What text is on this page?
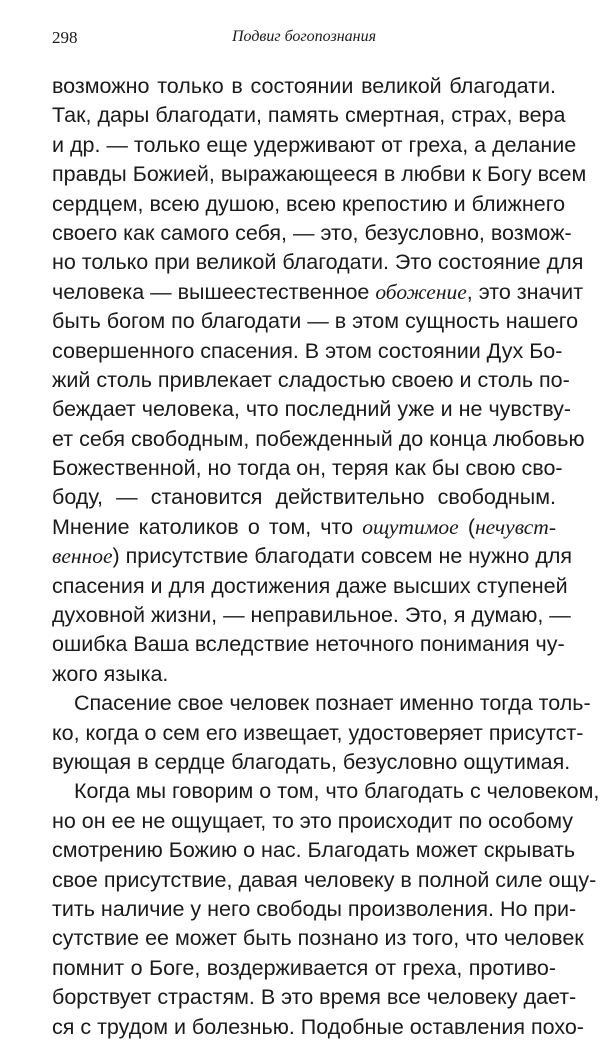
298	Подвиг богопознания
возможно только в состоянии великой благодати.
Так, дары благодати, память смертная, страх, вера
и др. — только еще удерживают от греха, а делание
правды Божией, выражающееся в любви к Богу всем
сердцем, всею душою, всею крепостию и ближнего
своего как самого себя, — это, безусловно, возмож-
но только при великой благодати. Это состояние для
человека — вышеестественное обожение, это значит
быть богом по благодати — в этом сущность нашего
совершенного спасения. В этом состоянии Дух Бо-
жий столь привлекает сладостью своею и столь по-
беждает человека, что последний уже и не чувству-
ет себя свободным, побежденный до конца любовью
Божественной, но тогда он, теряя как бы свою сво-
боду, — становится действительно свободным.
Мнение католиков о том, что ощутимое (нечувст-
венное) присутствие благодати совсем не нужно для
спасения и для достижения даже высших ступеней
духовной жизни, — неправильное. Это, я думаю, —
ошибка Ваша вследствие неточного понимания чу-
жого языка.
Спасение свое человек познает именно тогда толь-
ко, когда о сем его извещает, удостоверяет присутст-
вующая в сердце благодать, безусловно ощутимая.
Когда мы говорим о том, что благодать с человеком,
но он ее не ощущает, то это происходит по особому
смотрению Божию о нас. Благодать может скрывать
свое присутствие, давая человеку в полной силе ощу-
тить наличие у него свободы произволения. Но при-
сутствие ее может быть познано из того, что человек
помнит о Боге, воздерживается от греха, противо-
борствует страстям. В это время все человеку дает-
ся с трудом и болезнью. Подобные оставления похо-
